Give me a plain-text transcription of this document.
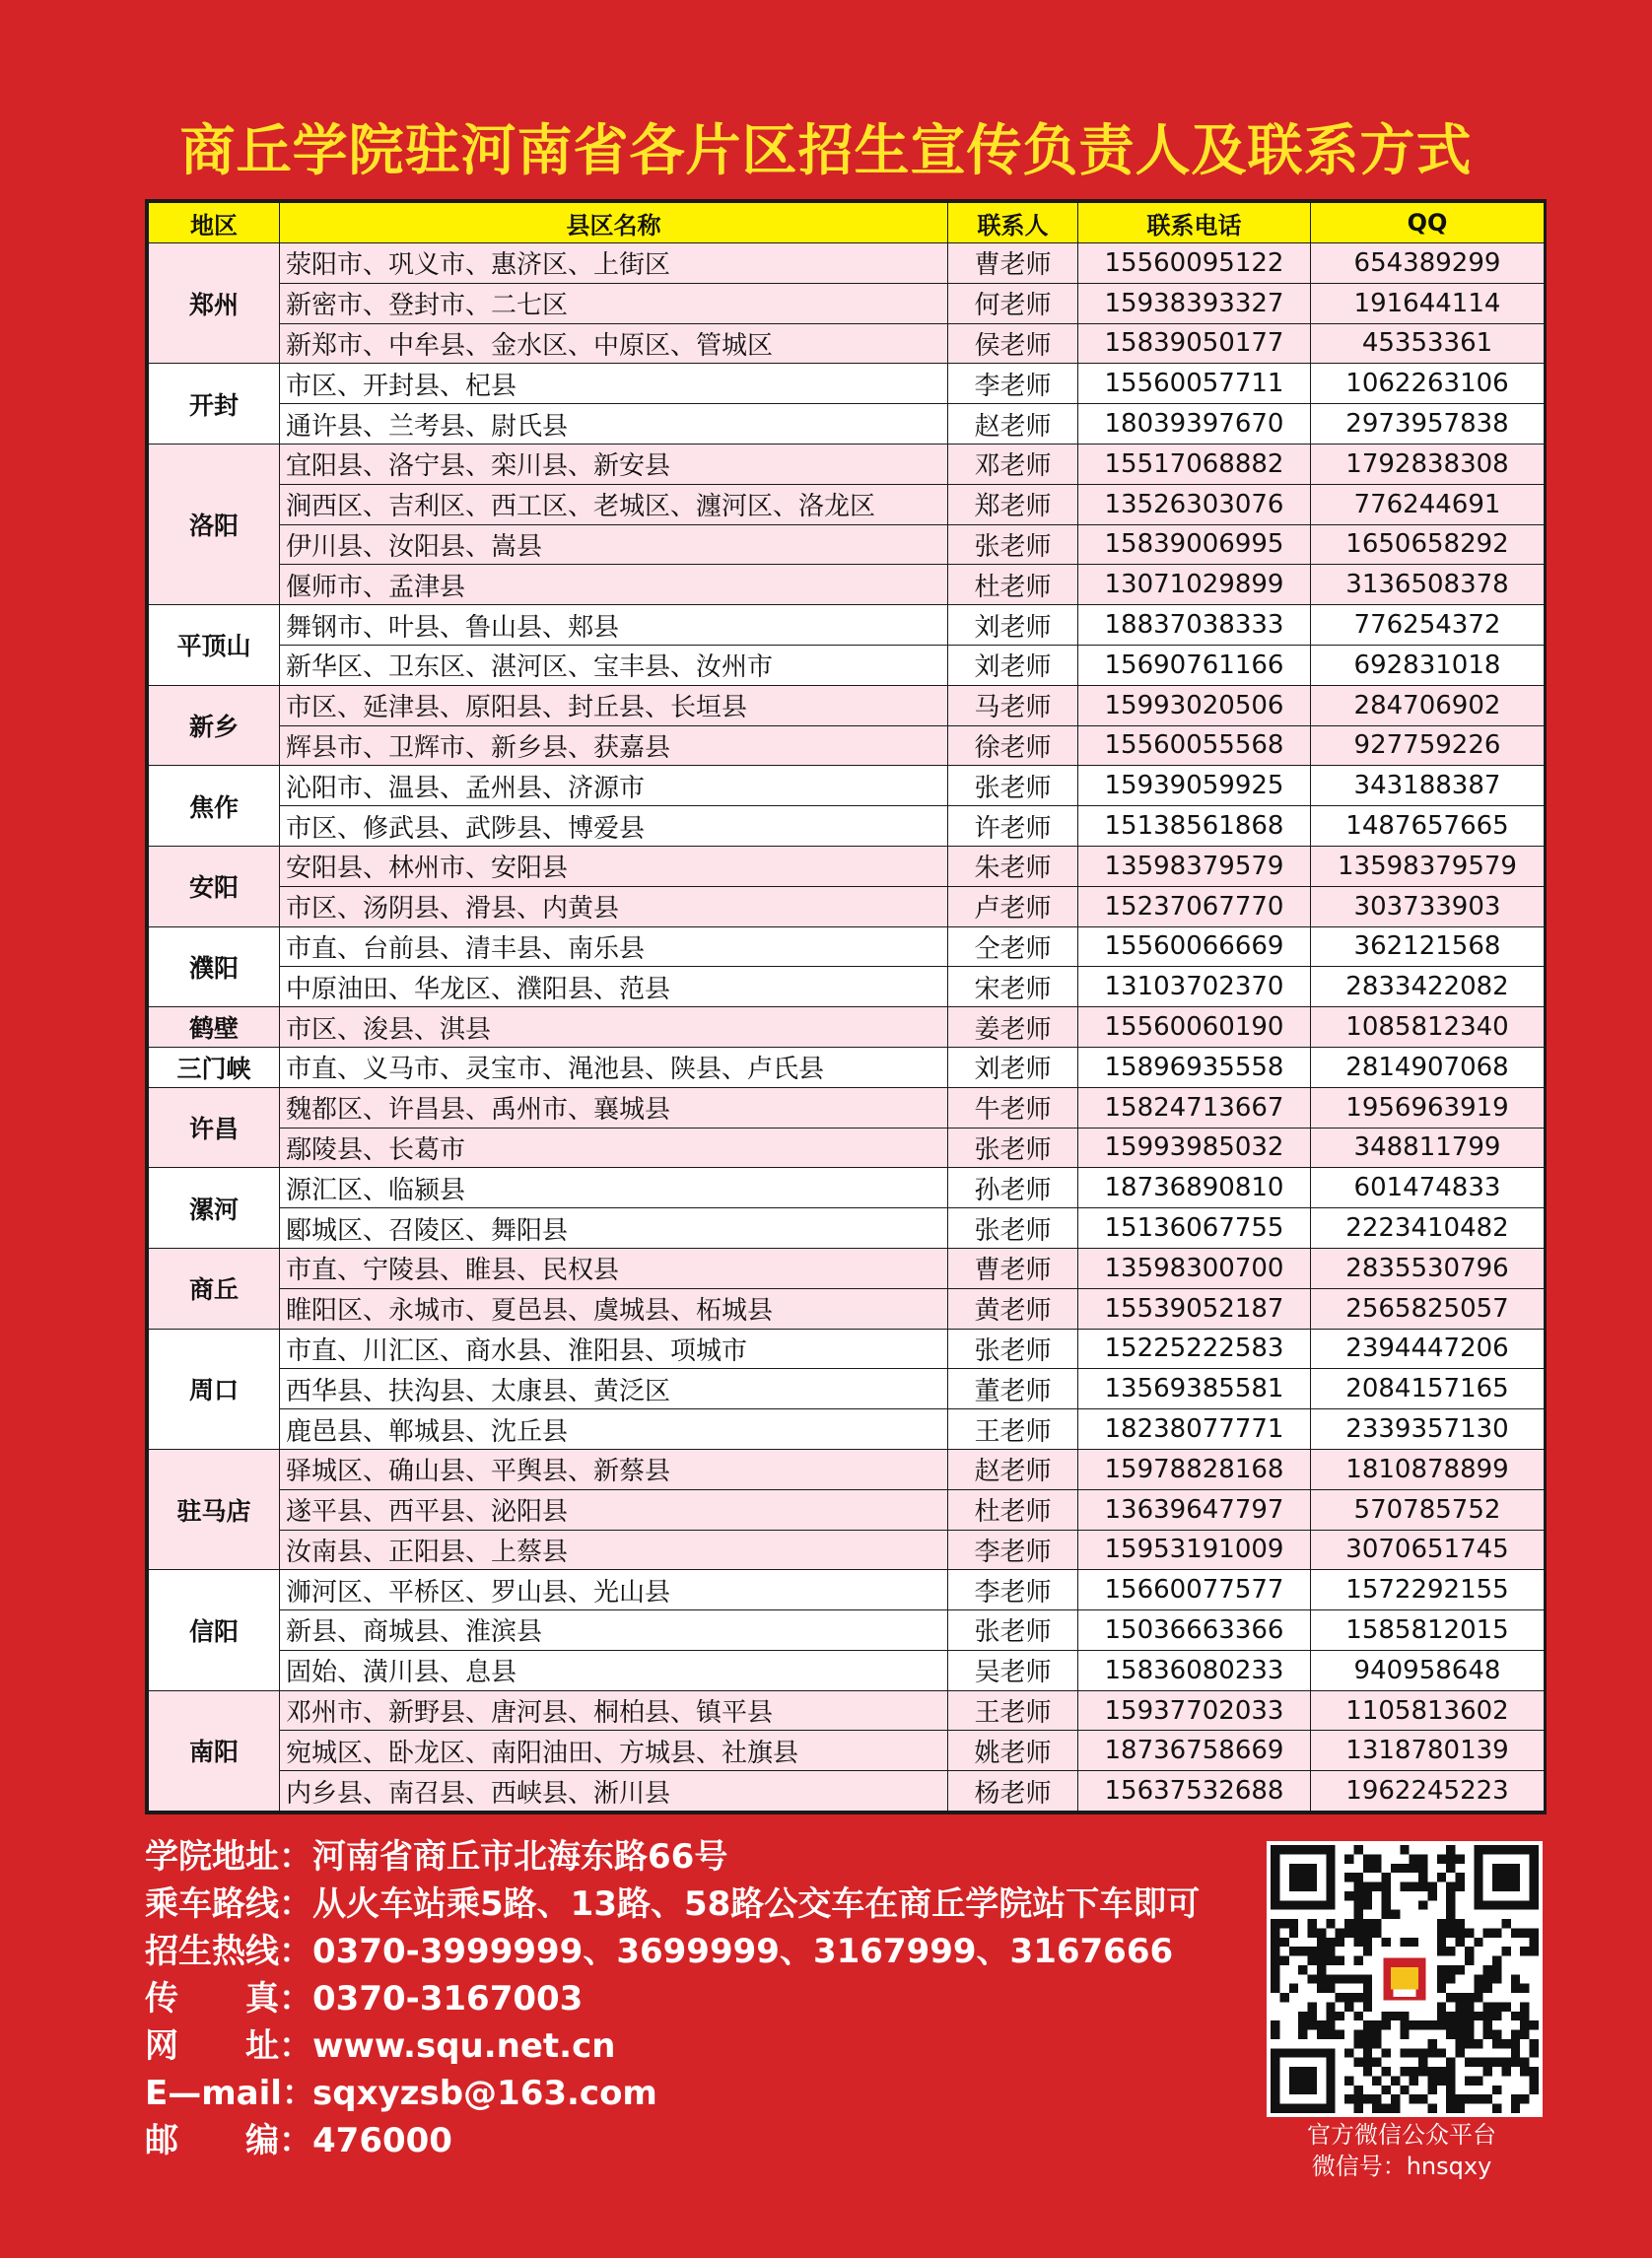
商丘学院驻河南省各片区招生宣传负责人及联系方式
地区	县区名称	联系人	联系电话	QQ
郑州	荥阳市、巩义市、惠济区、上街区	曹老师	15560095122	654389299
	新密市、登封市、二七区	何老师	15938393327	191644114
	新郑市、中牟县、金水区、中原区、管城区	侯老师	15839050177	45353361
开封	市区、开封县、杞县	李老师	15560057711	1062263106
	通许县、兰考县、尉氏县	赵老师	18039397670	2973957838
洛阳	宜阳县、洛宁县、栾川县、新安县	邓老师	15517068882	1792838308
	涧西区、吉利区、西工区、老城区、瀍河区、洛龙区	郑老师	13526303076	776244691
	伊川县、汝阳县、嵩县	张老师	15839006995	1650658292
	偃师市、孟津县	杜老师	13071029899	3136508378
平顶山	舞钢市、叶县、鲁山县、郏县	刘老师	18837038333	776254372
	新华区、卫东区、湛河区、宝丰县、汝州市	刘老师	15690761166	692831018
新乡	市区、延津县、原阳县、封丘县、长垣县	马老师	15993020506	284706902
	辉县市、卫辉市、新乡县、获嘉县	徐老师	15560055568	927759226
焦作	沁阳市、温县、孟州县、济源市	张老师	15939059925	343188387
	市区、修武县、武陟县、博爱县	许老师	15138561868	1487657665
安阳	安阳县、林州市、安阳县	朱老师	13598379579	13598379579
	市区、汤阴县、滑县、内黄县	卢老师	15237067770	303733903
濮阳	市直、台前县、清丰县、南乐县	仝老师	15560066669	362121568
	中原油田、华龙区、濮阳县、范县	宋老师	13103702370	2833422082
鹤壁	市区、浚县、淇县	姜老师	15560060190	1085812340
三门峡	市直、义马市、灵宝市、渑池县、陕县、卢氏县	刘老师	15896935558	2814907068
许昌	魏都区、许昌县、禹州市、襄城县	牛老师	15824713667	1956963919
	鄢陵县、长葛市	张老师	15993985032	348811799
漯河	源汇区、临颍县	孙老师	18736890810	601474833
	郾城区、召陵区、舞阳县	张老师	15136067755	2223410482
商丘	市直、宁陵县、睢县、民权县	曹老师	13598300700	2835530796
	睢阳区、永城市、夏邑县、虞城县、柘城县	黄老师	15539052187	2565825057
周口	市直、川汇区、商水县、淮阳县、项城市	张老师	15225222583	2394447206
	西华县、扶沟县、太康县、黄泛区	董老师	13569385581	2084157165
	鹿邑县、郸城县、沈丘县	王老师	18238077771	2339357130
驻马店	驿城区、确山县、平舆县、新蔡县	赵老师	15978828168	1810878899
	遂平县、西平县、泌阳县	杜老师	13639647797	570785752
	汝南县、正阳县、上蔡县	李老师	15953191009	3070651745
信阳	浉河区、平桥区、罗山县、光山县	李老师	15660077577	1572292155
	新县、商城县、淮滨县	张老师	15036663366	1585812015
	固始、潢川县、息县	吴老师	15836080233	940958648
南阳	邓州市、新野县、唐河县、桐柏县、镇平县	王老师	15937702033	1105813602
	宛城区、卧龙区、南阳油田、方城县、社旗县	姚老师	18736758669	1318780139
	内乡县、南召县、西峡县、淅川县	杨老师	15637532688	1962245223
学院地址：河南省商丘市北海东路66号
乘车路线：从火车站乘5路、13路、58路公交车在商丘学院站下车即可
招生热线：0370-3999999、3699999、3167999、3167666
传　　真：0370-3167003
网　　址：www.squ.net.cn
E—mail：sqxyzsb@163.com
邮　　编：476000	官方微信公众平台
微信号：hnsqxy
